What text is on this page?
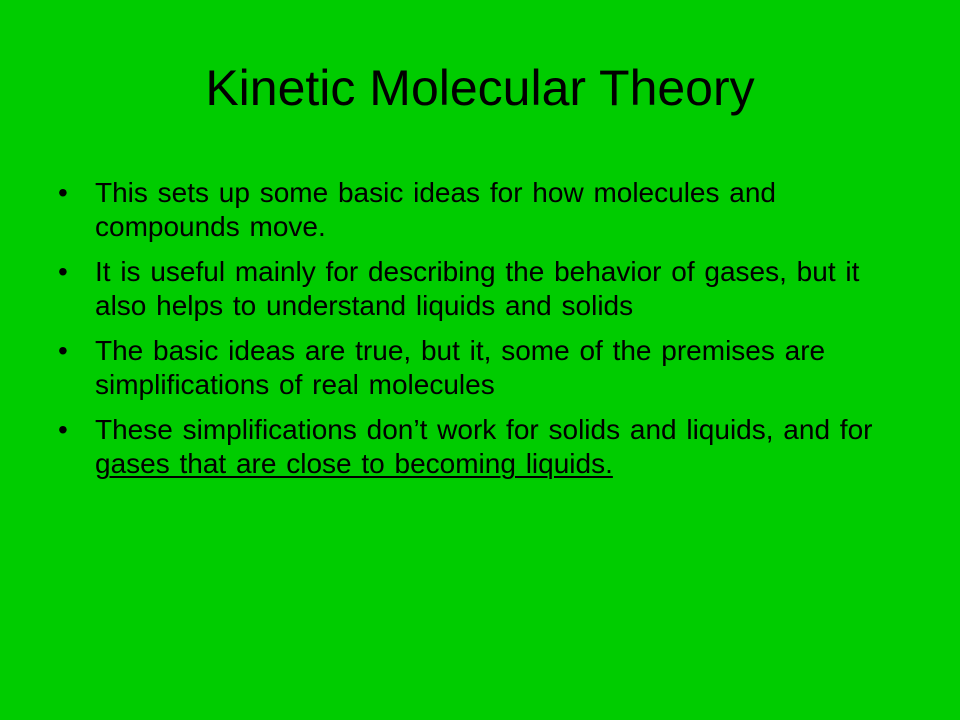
Kinetic Molecular Theory
• This sets up some basic ideas for how molecules and compounds move.
• It is useful mainly for describing the behavior of gases, but it also helps to understand liquids and solids
• The basic ideas are true, but it, some of the premises are simplifications of real molecules
• These simplifications don’t work for solids and liquids, and for gases that are close to becoming liquids.
